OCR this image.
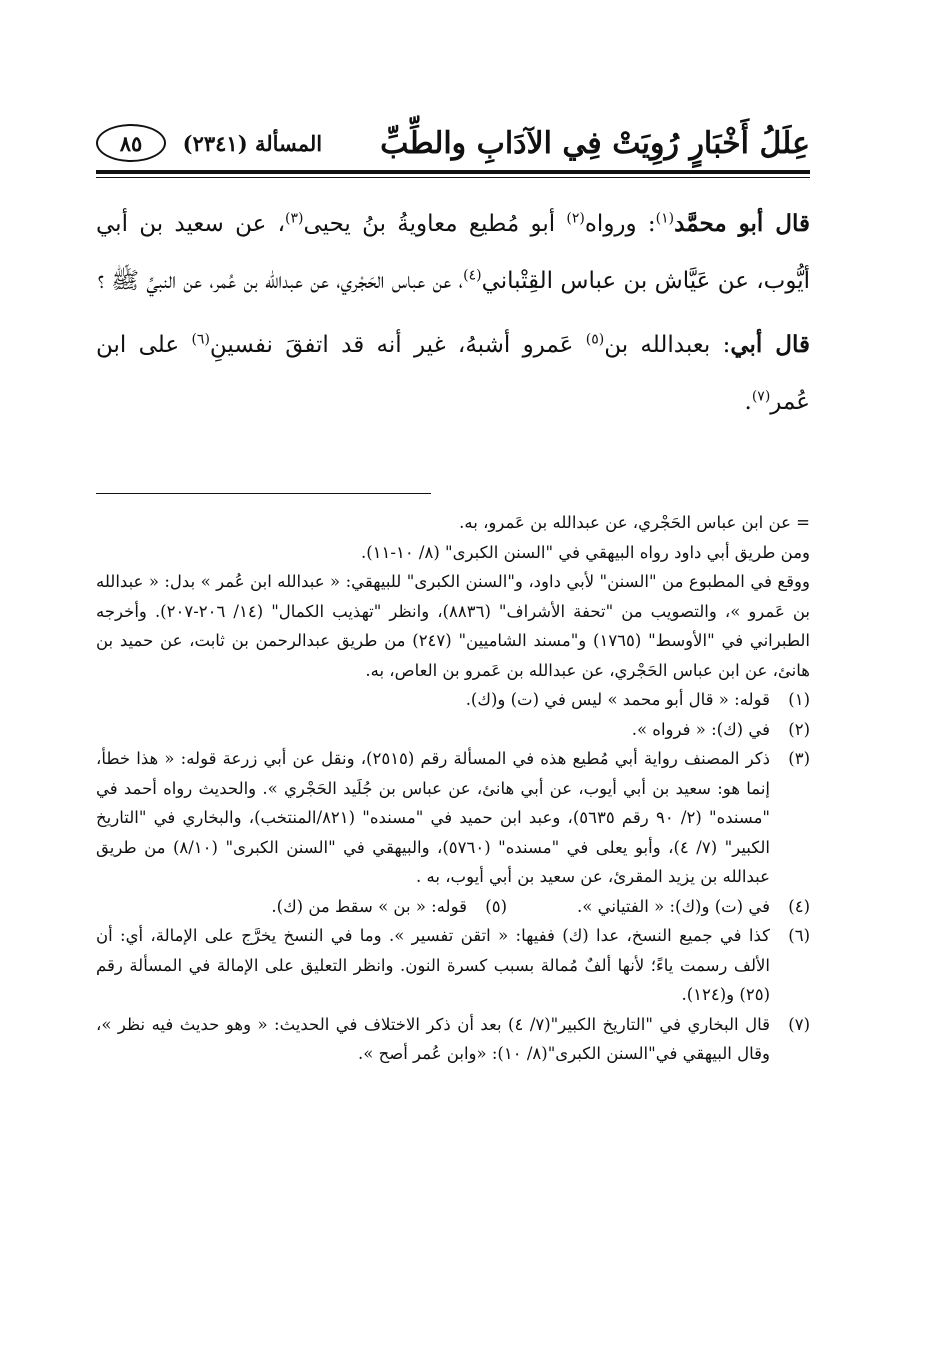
عِلَلُ أَخْبَارٍ رُوِيَتْ فِي الآدَابِ والطِّبِّ
المسألة (٢٣٤١)
٨٥

قال أبو محمَّد$^{(١)}$: ورواه$^{(٢)}$ أبو مُطيع معاويةُ بنُ يحيى$^{(٣)}$، عن سعيد بن أبي أيُّوب، عن عَيَّاش بن عباس القِتْباني$^{(٤)}$، عن عباس الحَجْري، عن عبدالله بن عُمر، عن النبيِّ ﷺ ؟

قال أبي: بعبدالله بن$^{(٥)}$ عَمرو أشبهُ، غير أنه قد اتفقَ نفسينِ$^{(٦)}$ على ابن عُمر$^{(٧)}$.

= عن ابن عباس الحَجْري، عن عبدالله بن عَمرو، به.

ومن طريق أبي داود رواه البيهقي في "السنن الكبرى" (٨/ ١٠-١١).

ووقع في المطبوع من "السنن" لأبي داود، و"السنن الكبرى" للبيهقي: « عبدالله ابن عُمر » بدل: « عبدالله بن عَمرو »، والتصويب من "تحفة الأشراف" (٨٨٣٦)، وانظر "تهذيب الكمال" (١٤/ ٢٠٦-٢٠٧). وأخرجه الطبراني في "الأوسط" (١٧٦٥) و"مسند الشاميين" (٢٤٧) من طريق عبدالرحمن بن ثابت، عن حميد بن هانئ، عن ابن عباس الحَجْري، عن عبدالله بن عَمرو بن العاص، به.

(١)
قوله: « قال أبو محمد » ليس في (ت) و(ك).
(٢)
في (ك): « فرواه ».
(٣)
ذكر المصنف رواية أبي مُطيع هذه في المسألة رقم (٢٥١٥)، ونقل عن أبي زرعة قوله: « هذا خطأ، إنما هو: سعيد بن أبي أيوب، عن أبي هانئ، عن عباس بن جُلَيد الحَجْري ». والحديث رواه أحمد في "مسنده" (٢/ ٩٠ رقم ٥٦٣٥)، وعبد ابن حميد في "مسنده" (٨٢١/المنتخب)، والبخاري في "التاريخ الكبير" (٧/ ٤)، وأبو يعلى في "مسنده" (٥٧٦٠)، والبيهقي في "السنن الكبرى" (٨/١٠) من طريق عبدالله بن يزيد المقرئ، عن سعيد بن أبي أيوب، به .
(٤)
في (ت) و(ك): « الفتياني ».
(٥)
قوله: « بن » سقط من (ك).
(٦)
كذا في جميع النسخ، عدا (ك) ففيها: « اتقن تفسير ». وما في النسخ يخرَّج على الإمالة، أي: أن الألف رسمت ياءً؛ لأنها ألفٌ مُمالة بسبب كسرة النون. وانظر التعليق على الإمالة في المسألة رقم (٢٥) و(١٢٤).
(٧)
قال البخاري في "التاريخ الكبير"(٧/ ٤) بعد أن ذكر الاختلاف في الحديث: « وهو حديث فيه نظر »، وقال البيهقي في"السنن الكبرى"(٨/ ١٠): «وابن عُمر أصح ».
